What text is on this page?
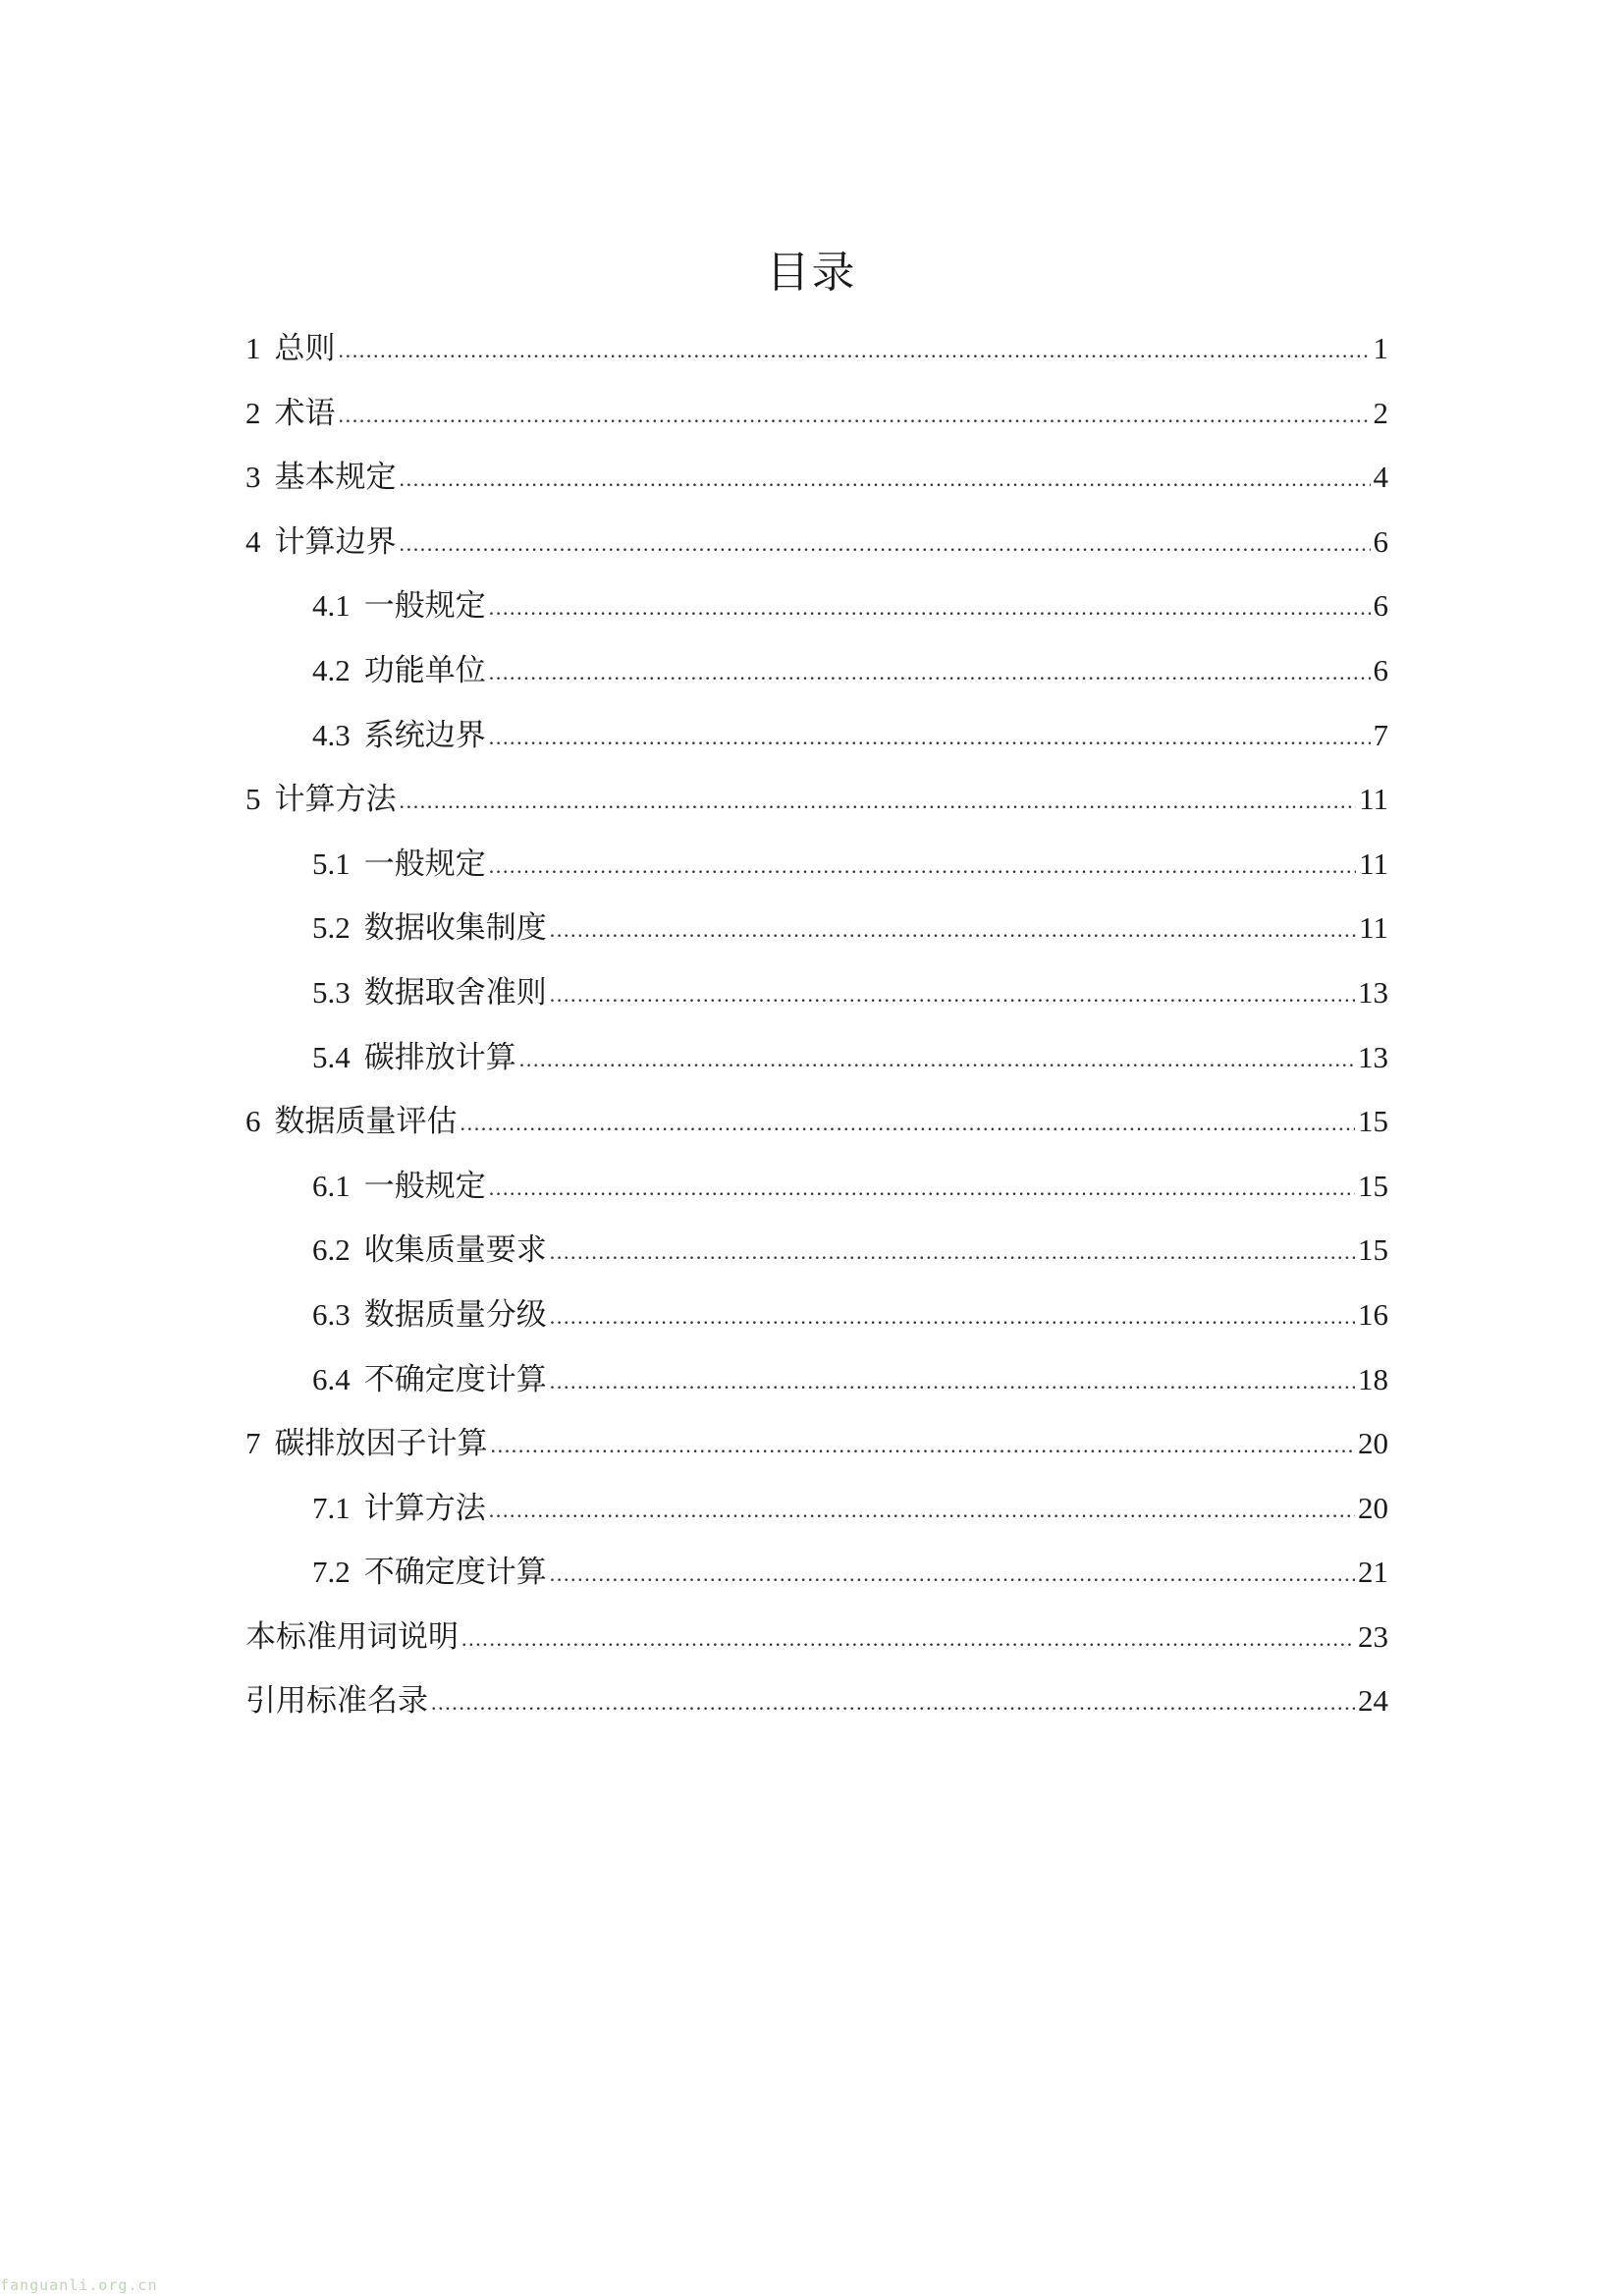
目录
1 总则 .....	1
2 术语 .....	2
3 基本规定 .....	4
4 计算边界 .....	6
4.1 一般规定 .....	6
4.2 功能单位 .....	6
4.3 系统边界 .....	7
5 计算方法 .....	11
5.1 一般规定 .....	11
5.2 数据收集制度 .....	11
5.3 数据取舍准则 .....	13
5.4 碳排放计算 .....	13
6 数据质量评估 .....	15
6.1 一般规定 .....	15
6.2 收集质量要求 .....	15
6.3 数据质量分级 .....	16
6.4 不确定度计算 .....	18
7 碳排放因子计算 .....	20
7.1 计算方法 .....	20
7.2 不确定度计算 .....	21
本标准用词说明 .....	23
引用标准名录 .....	24
fanguanli.org.cn
